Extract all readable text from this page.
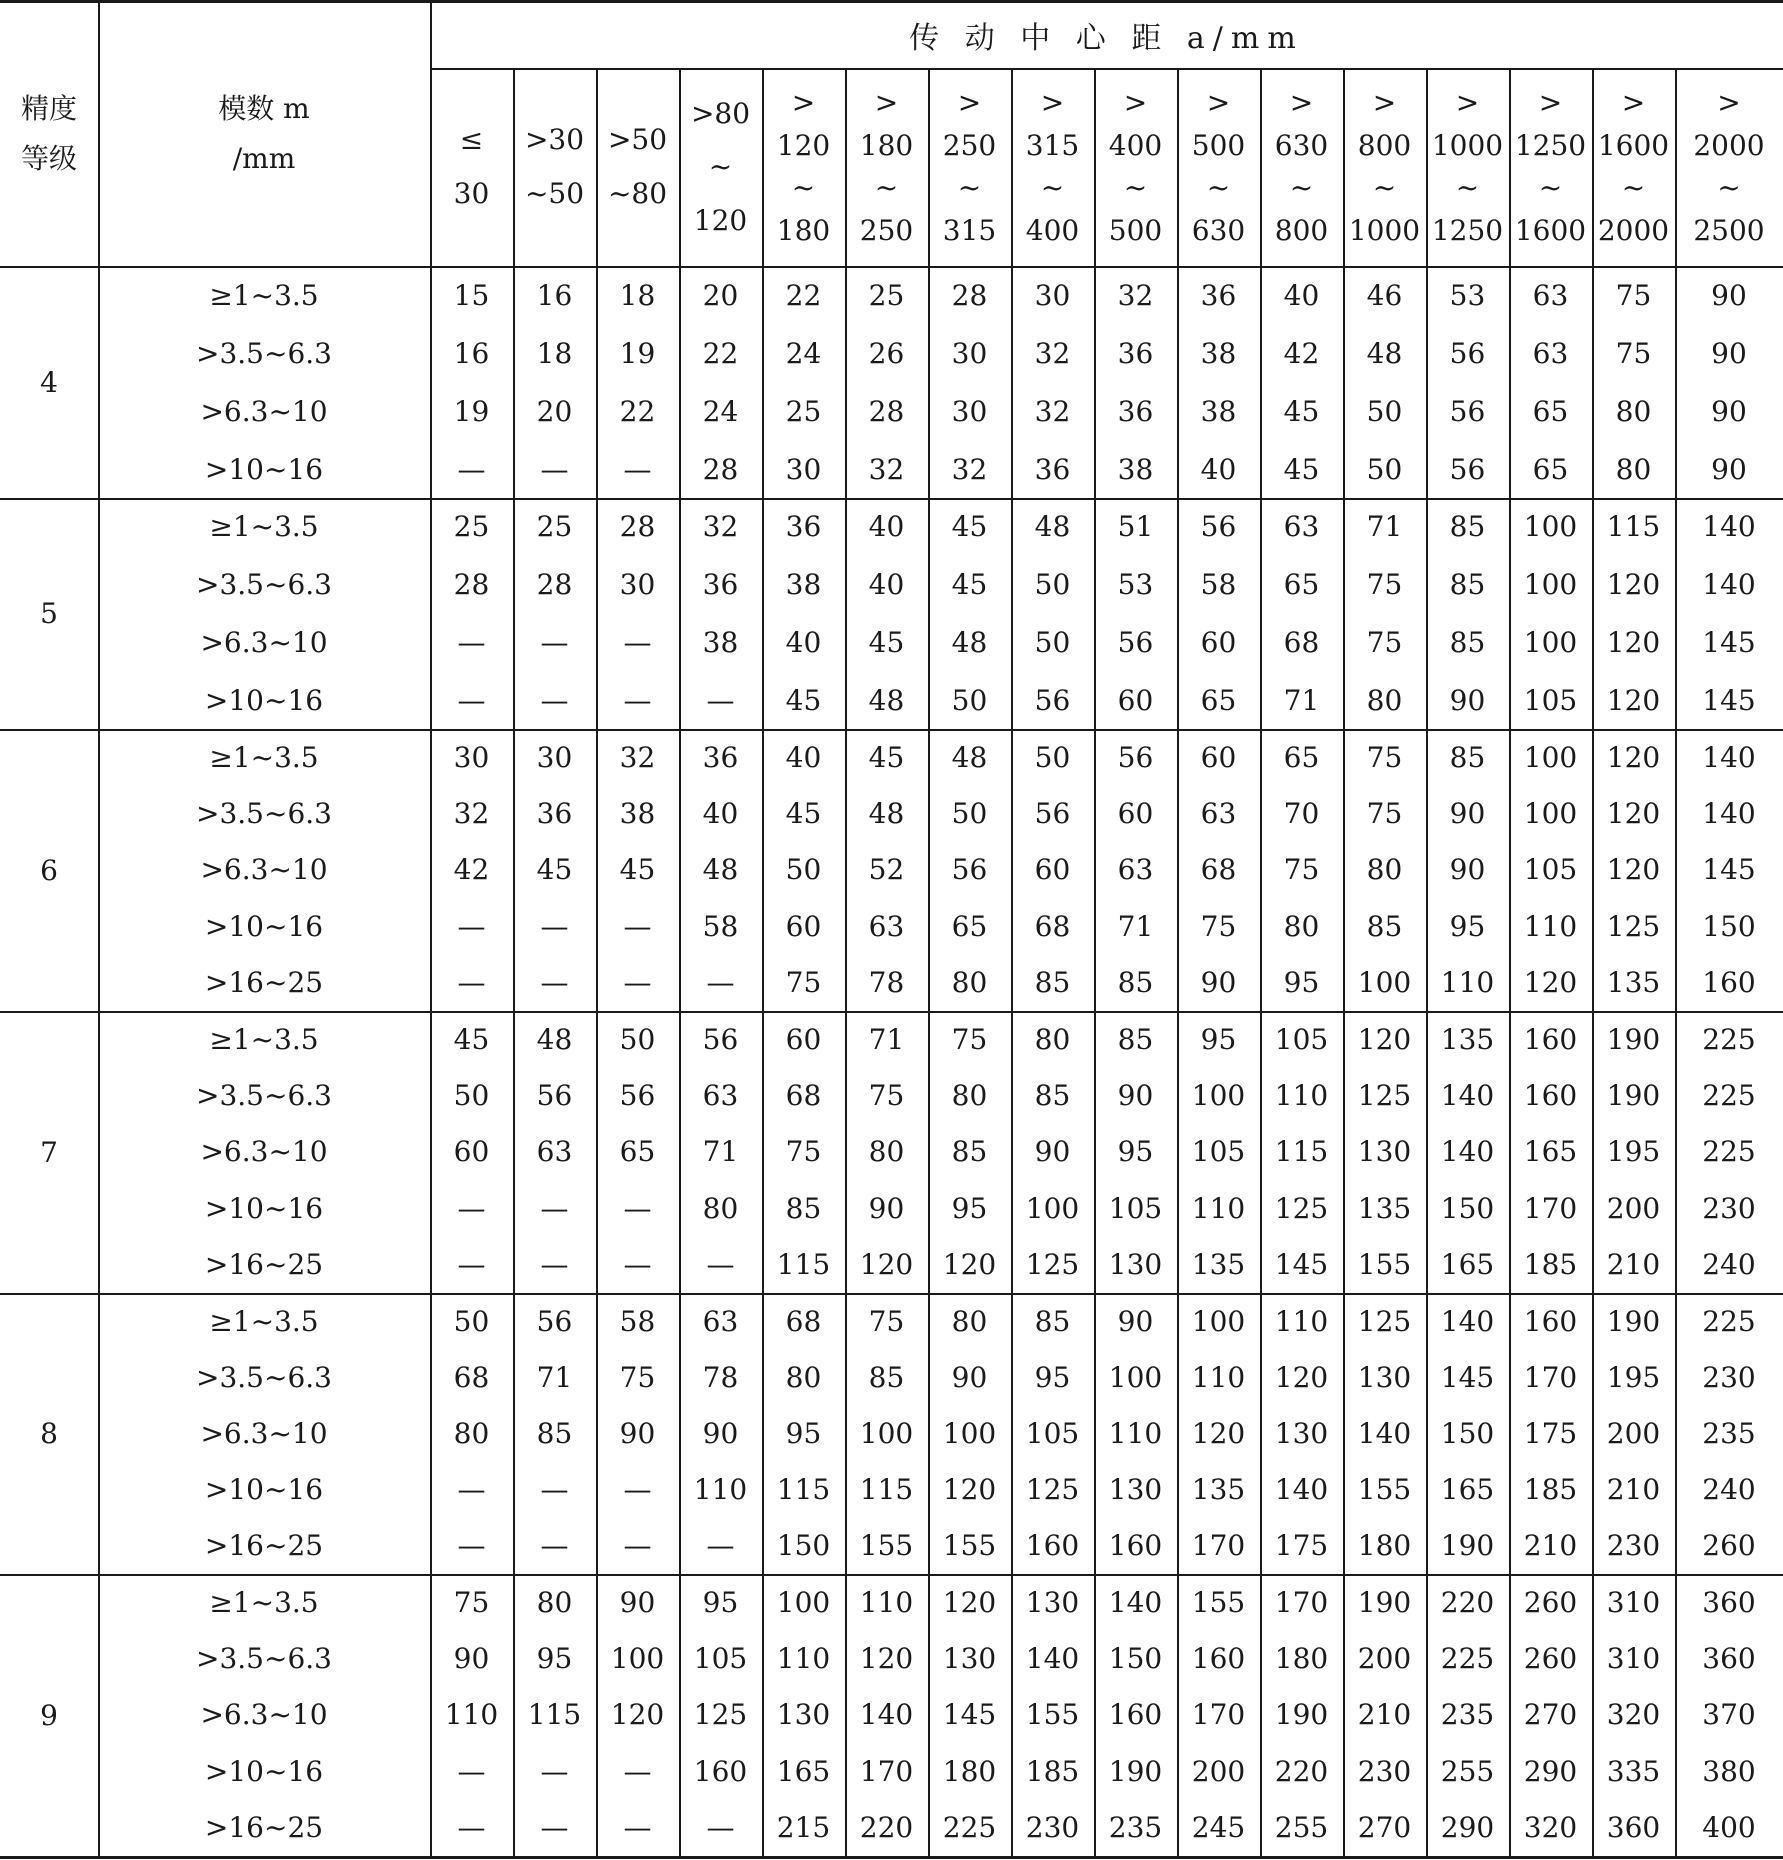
精度
等级
模数 m
/mm
传 动 中 心 距 a/mm
≤
30
>30
~50
>50
~80
>80
~
120
>
120
~
180
>
180
~
250
>
250
~
315
>
315
~
400
>
400
~
500
>
500
~
630
>
630
~
800
>
800
~
1000
>
1000
~
1250
>
1250
~
1600
>
1600
~
2000
>
2000
~
2500
4
≥1~3.5
>3.5~6.3
>6.3~10
>10~16
15
16
19
—
16
18
20
—
18
19
22
—
20
22
24
28
22
24
25
30
25
26
28
32
28
30
30
32
30
32
32
36
32
36
36
38
36
38
38
40
40
42
45
45
46
48
50
50
53
56
56
56
63
63
65
65
75
75
80
80
90
90
90
90
5
≥1~3.5
>3.5~6.3
>6.3~10
>10~16
25
28
—
—
25
28
—
—
28
30
—
—
32
36
38
—
36
38
40
45
40
40
45
48
45
45
48
50
48
50
50
56
51
53
56
60
56
58
60
65
63
65
68
71
71
75
75
80
85
85
85
90
100
100
100
105
115
120
120
120
140
140
145
145
6
≥1~3.5
>3.5~6.3
>6.3~10
>10~16
>16~25
30
32
42
—
—
30
36
45
—
—
32
38
45
—
—
36
40
48
58
—
40
45
50
60
75
45
48
52
63
78
48
50
56
65
80
50
56
60
68
85
56
60
63
71
85
60
63
68
75
90
65
70
75
80
95
75
75
80
85
100
85
90
90
95
110
100
100
105
110
120
120
120
120
125
135
140
140
145
150
160
7
≥1~3.5
>3.5~6.3
>6.3~10
>10~16
>16~25
45
50
60
—
—
48
56
63
—
—
50
56
65
—
—
56
63
71
80
—
60
68
75
85
115
71
75
80
90
120
75
80
85
95
120
80
85
90
100
125
85
90
95
105
130
95
100
105
110
135
105
110
115
125
145
120
125
130
135
155
135
140
140
150
165
160
160
165
170
185
190
190
195
200
210
225
225
225
230
240
8
≥1~3.5
>3.5~6.3
>6.3~10
>10~16
>16~25
50
68
80
—
—
56
71
85
—
—
58
75
90
—
—
63
78
90
110
—
68
80
95
115
150
75
85
100
115
155
80
90
100
120
155
85
95
105
125
160
90
100
110
130
160
100
110
120
135
170
110
120
130
140
175
125
130
140
155
180
140
145
150
165
190
160
170
175
185
210
190
195
200
210
230
225
230
235
240
260
9
≥1~3.5
>3.5~6.3
>6.3~10
>10~16
>16~25
75
90
110
—
—
80
95
115
—
—
90
100
120
—
—
95
105
125
160
—
100
110
130
165
215
110
120
140
170
220
120
130
145
180
225
130
140
155
185
230
140
150
160
190
235
155
160
170
200
245
170
180
190
220
255
190
200
210
230
270
220
225
235
255
290
260
260
270
290
320
310
310
320
335
360
360
360
370
380
400
